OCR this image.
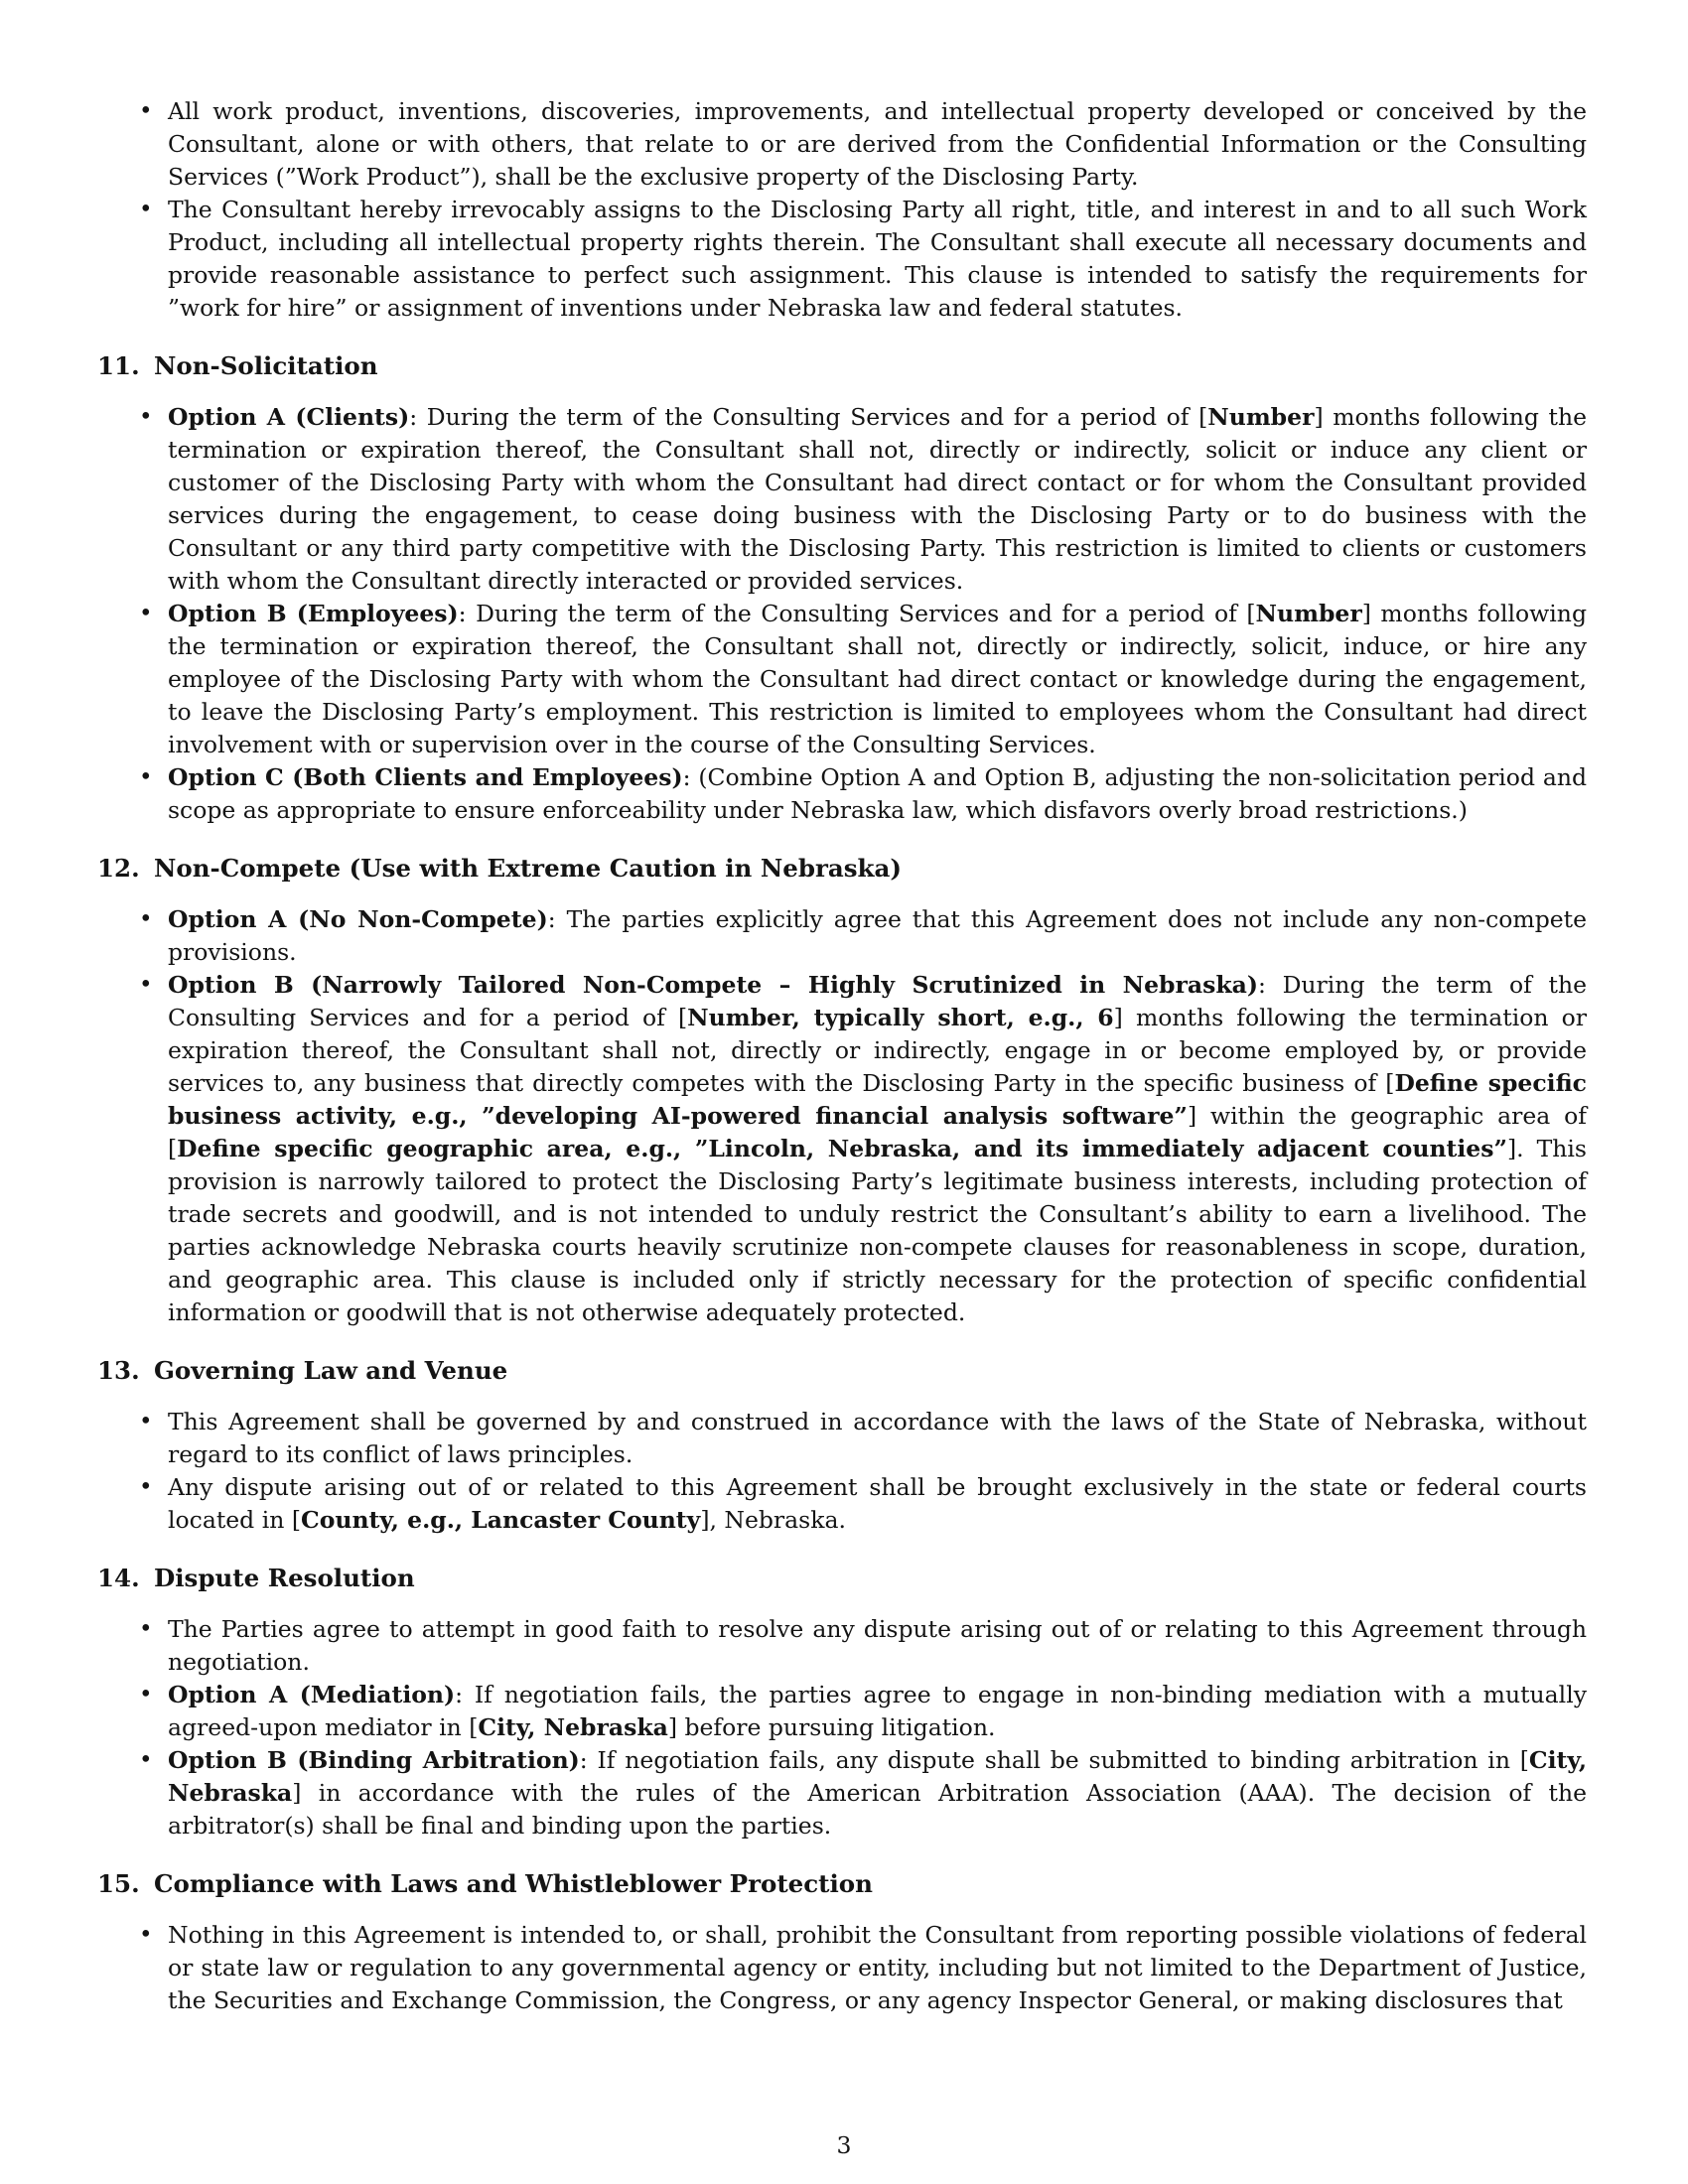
• All work product, inventions, discoveries, improvements, and intellectual property developed or conceived by the Consultant, alone or with others, that relate to or are derived from the Confidential Information or the Consulting Services (”Work Product”), shall be the exclusive property of the Disclosing Party.
• The Consultant hereby irrevocably assigns to the Disclosing Party all right, title, and interest in and to all such Work Product, including all intellectual property rights therein. The Consultant shall execute all necessary documents and provide reasonable assistance to perfect such assignment. This clause is intended to satisfy the requirements for ”work for hire” or assignment of inventions under Nebraska law and federal statutes.
11. Non-Solicitation
• Option A (Clients): During the term of the Consulting Services and for a period of [Number] months following the termination or expiration thereof, the Consultant shall not, directly or indirectly, solicit or induce any client or customer of the Disclosing Party with whom the Consultant had direct contact or for whom the Consultant provided services during the engagement, to cease doing business with the Disclosing Party or to do business with the Consultant or any third party competitive with the Disclosing Party. This restriction is limited to clients or customers with whom the Consultant directly interacted or provided services.
• Option B (Employees): During the term of the Consulting Services and for a period of [Number] months following the termination or expiration thereof, the Consultant shall not, directly or indirectly, solicit, induce, or hire any employee of the Disclosing Party with whom the Consultant had direct contact or knowledge during the engagement, to leave the Disclosing Party’s employment. This restriction is limited to employees whom the Consultant had direct involvement with or supervision over in the course of the Consulting Services.
• Option C (Both Clients and Employees): (Combine Option A and Option B, adjusting the non-solicitation period and scope as appropriate to ensure enforceability under Nebraska law, which disfavors overly broad restrictions.)
12. Non-Compete (Use with Extreme Caution in Nebraska)
• Option A (No Non-Compete): The parties explicitly agree that this Agreement does not include any non-compete provisions.
• Option B (Narrowly Tailored Non-Compete – Highly Scrutinized in Nebraska): During the term of the Consulting Services and for a period of [Number, typically short, e.g., 6] months following the termination or expiration thereof, the Consultant shall not, directly or indirectly, engage in or become employed by, or provide services to, any business that directly competes with the Disclosing Party in the specific business of [Define specific business activity, e.g., ”developing AI-powered financial analysis software”] within the geographic area of [Define specific geographic area, e.g., ”Lincoln, Nebraska, and its immediately adjacent counties”]. This provision is narrowly tailored to protect the Disclosing Party’s legitimate business interests, including protection of trade secrets and goodwill, and is not intended to unduly restrict the Consultant’s ability to earn a livelihood. The parties acknowledge Nebraska courts heavily scrutinize non-compete clauses for reasonableness in scope, duration, and geographic area. This clause is included only if strictly necessary for the protection of specific confidential information or goodwill that is not otherwise adequately protected.
13. Governing Law and Venue
• This Agreement shall be governed by and construed in accordance with the laws of the State of Nebraska, without regard to its conflict of laws principles.
• Any dispute arising out of or related to this Agreement shall be brought exclusively in the state or federal courts located in [County, e.g., Lancaster County], Nebraska.
14. Dispute Resolution
• The Parties agree to attempt in good faith to resolve any dispute arising out of or relating to this Agreement through negotiation.
• Option A (Mediation): If negotiation fails, the parties agree to engage in non-binding mediation with a mutually agreed-upon mediator in [City, Nebraska] before pursuing litigation.
• Option B (Binding Arbitration): If negotiation fails, any dispute shall be submitted to binding arbitration in [City, Nebraska] in accordance with the rules of the American Arbitration Association (AAA). The decision of the arbitrator(s) shall be final and binding upon the parties.
15. Compliance with Laws and Whistleblower Protection
• Nothing in this Agreement is intended to, or shall, prohibit the Consultant from reporting possible violations of federal or state law or regulation to any governmental agency or entity, including but not limited to the Department of Justice, the Securities and Exchange Commission, the Congress, or any agency Inspector General, or making disclosures that
3
